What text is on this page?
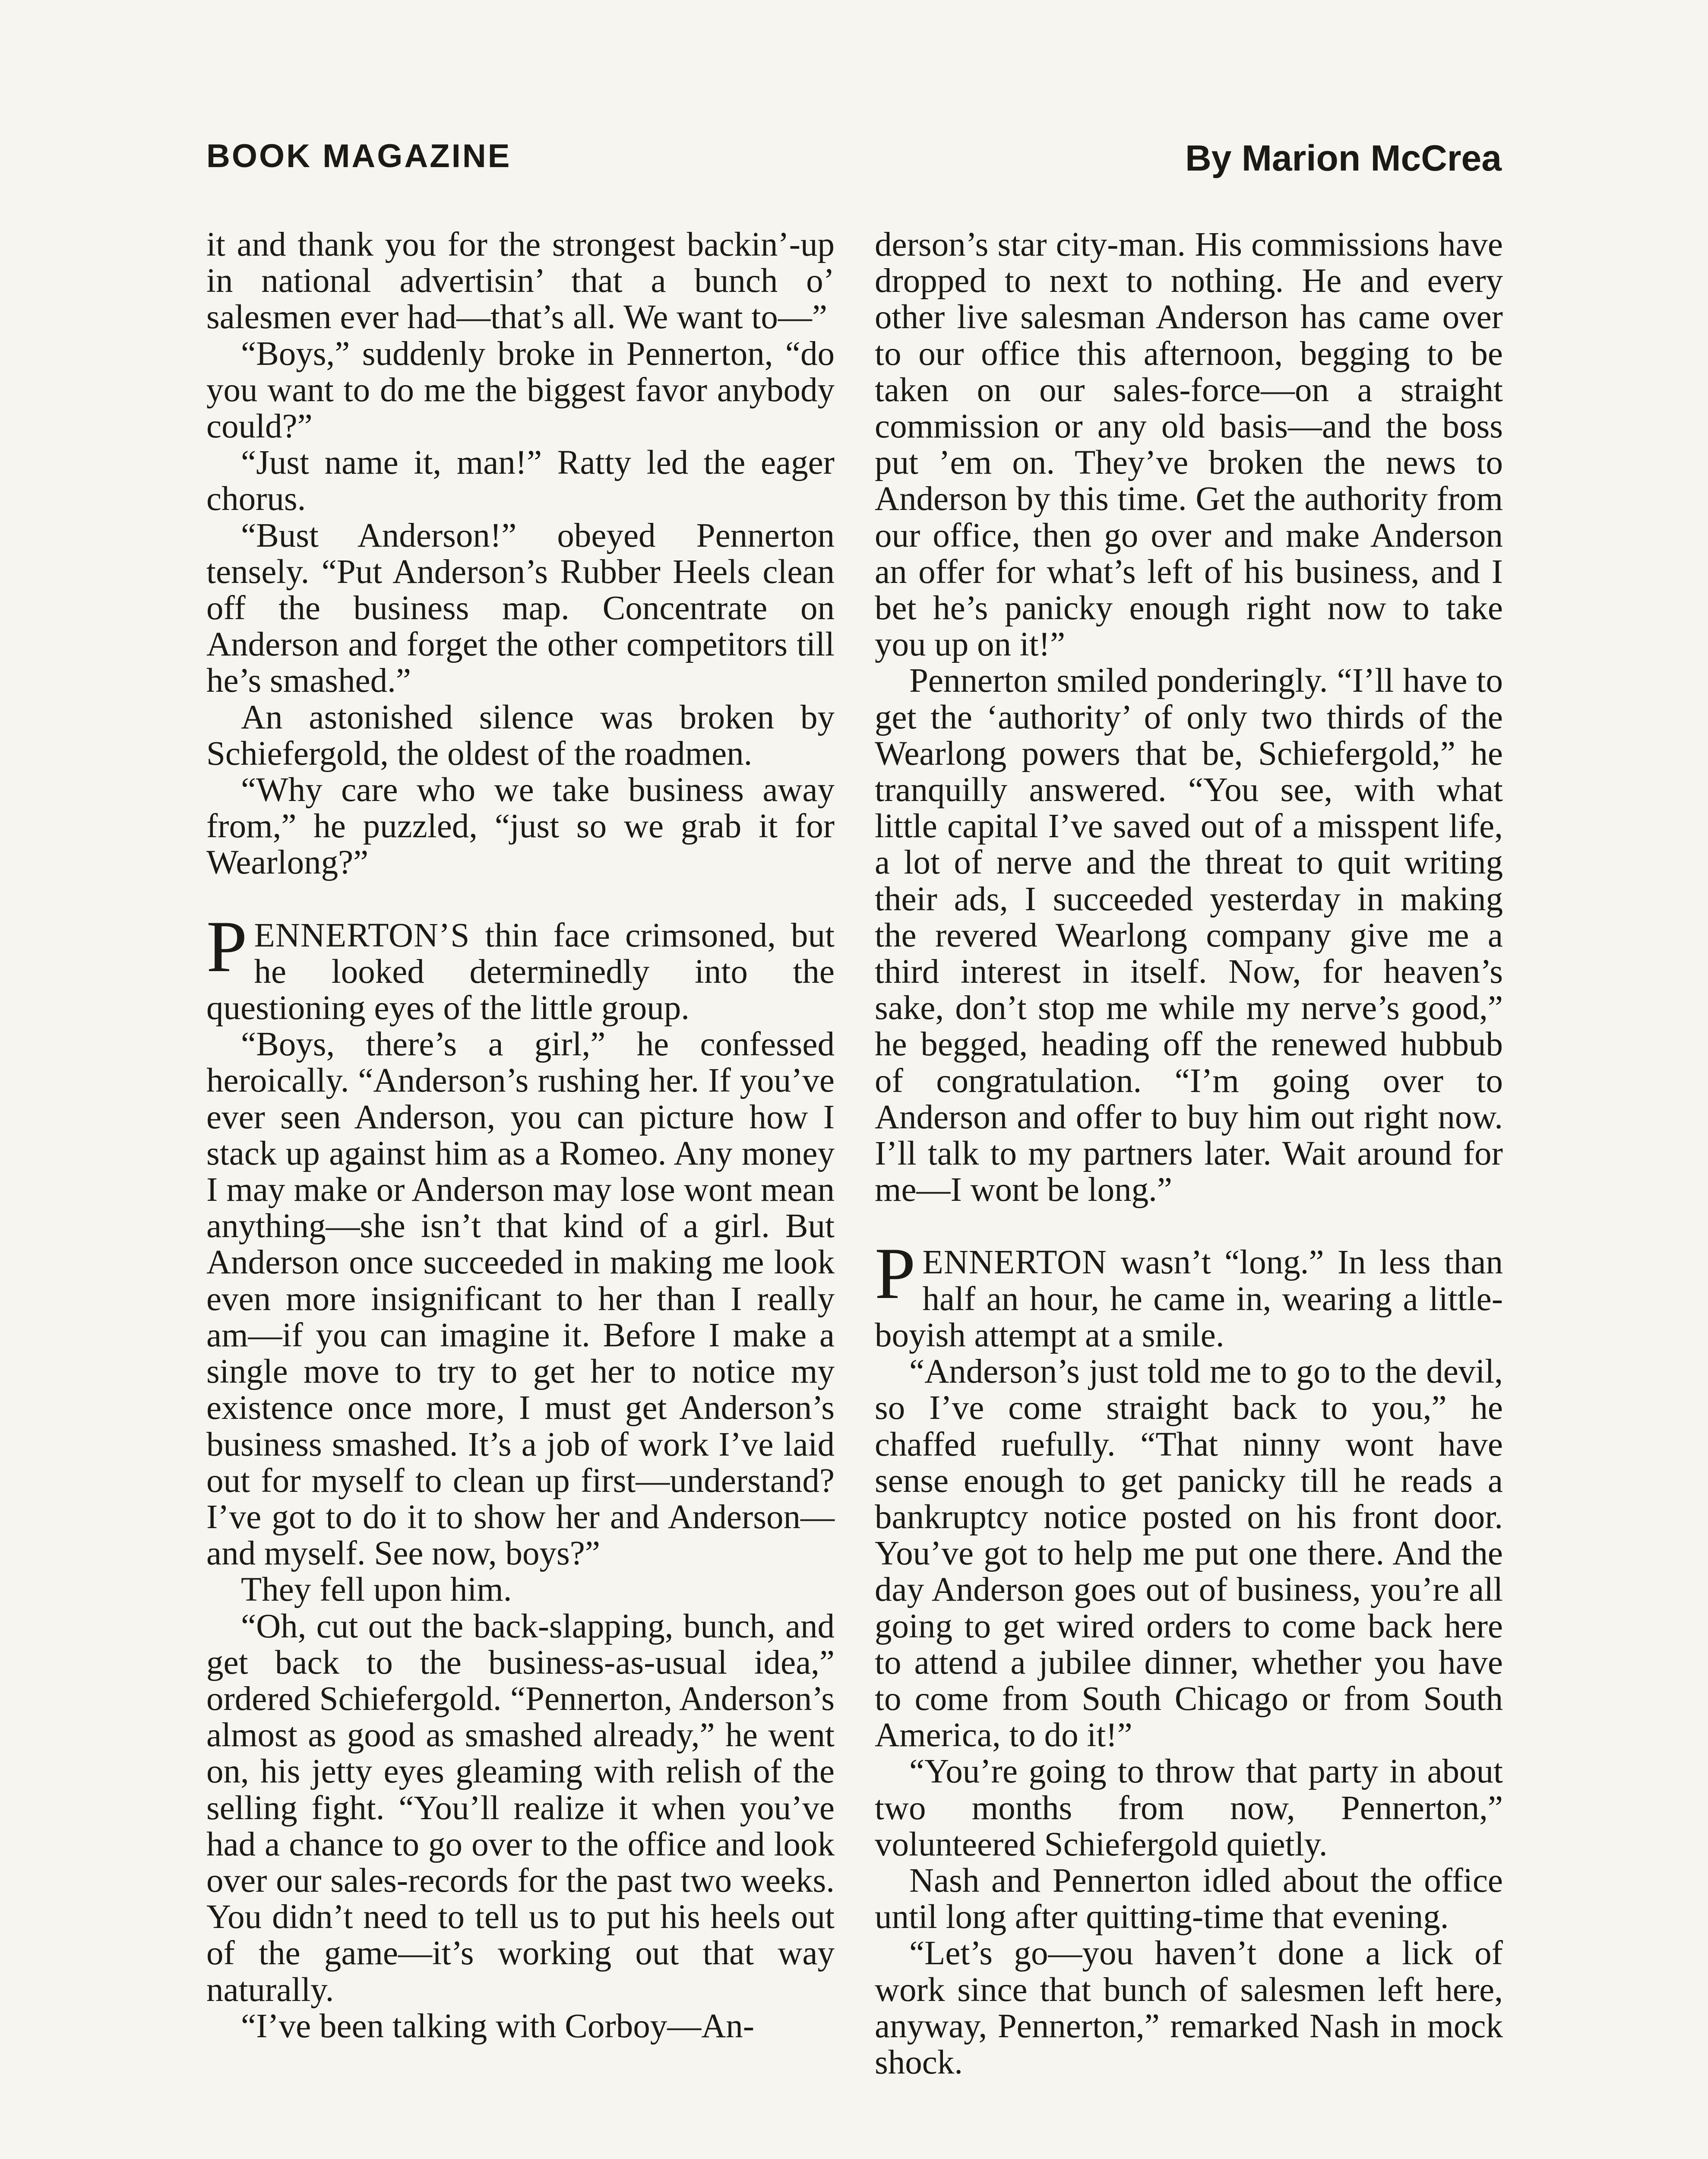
BOOK MAGAZINE	By Marion McCrea

it and thank you for the strongest backin’-up in national advertisin’ that a bunch o’ salesmen ever had—that’s all. We want to—”

“Boys,” suddenly broke in Pennerton, “do you want to do me the biggest favor anybody could?”

“Just name it, man!” Ratty led the eager chorus.

“Bust Anderson!” obeyed Pennerton tensely. “Put Anderson’s Rubber Heels clean off the business map. Concentrate on Anderson and forget the other competitors till he’s smashed.”

An astonished silence was broken by Schiefergold, the oldest of the roadmen.

“Why care who we take business away from,” he puzzled, “just so we grab it for Wearlong?”

PENNERTON’S thin face crimsoned, but he looked determinedly into the questioning eyes of the little group.

“Boys, there’s a girl,” he confessed heroically. “Anderson’s rushing her. If you’ve ever seen Anderson, you can picture how I stack up against him as a Romeo. Any money I may make or Anderson may lose wont mean anything—she isn’t that kind of a girl. But Anderson once succeeded in making me look even more insignificant to her than I really am—if you can imagine it. Before I make a single move to try to get her to notice my existence once more, I must get Anderson’s business smashed. It’s a job of work I’ve laid out for myself to clean up first—understand? I’ve got to do it to show her and Anderson—and myself. See now, boys?”

They fell upon him.

“Oh, cut out the back-slapping, bunch, and get back to the business-as-usual idea,” ordered Schiefergold. “Pennerton, Anderson’s almost as good as smashed already,” he went on, his jetty eyes gleaming with relish of the selling fight. “You’ll realize it when you’ve had a chance to go over to the office and look over our sales-records for the past two weeks. You didn’t need to tell us to put his heels out of the game—it’s working out that way naturally.

“I’ve been talking with Corboy—An-

derson’s star city-man. His commissions have dropped to next to nothing. He and every other live salesman Anderson has came over to our office this afternoon, begging to be taken on our sales-force—on a straight commission or any old basis—and the boss put ’em on. They’ve broken the news to Anderson by this time. Get the authority from our office, then go over and make Anderson an offer for what’s left of his business, and I bet he’s panicky enough right now to take you up on it!”

Pennerton smiled ponderingly. “I’ll have to get the ‘authority’ of only two thirds of the Wearlong powers that be, Schiefergold,” he tranquilly answered. “You see, with what little capital I’ve saved out of a misspent life, a lot of nerve and the threat to quit writing their ads, I succeeded yesterday in making the revered Wearlong company give me a third interest in itself. Now, for heaven’s sake, don’t stop me while my nerve’s good,” he begged, heading off the renewed hubbub of congratulation. “I’m going over to Anderson and offer to buy him out right now. I’ll talk to my partners later. Wait around for me—I wont be long.”

PENNERTON wasn’t “long.” In less than half an hour, he came in, wearing a little-boyish attempt at a smile.

“Anderson’s just told me to go to the devil, so I’ve come straight back to you,” he chaffed ruefully. “That ninny wont have sense enough to get panicky till he reads a bankruptcy notice posted on his front door. You’ve got to help me put one there. And the day Anderson goes out of business, you’re all going to get wired orders to come back here to attend a jubilee dinner, whether you have to come from South Chicago or from South America, to do it!”

“You’re going to throw that party in about two months from now, Pennerton,” volunteered Schiefergold quietly.

Nash and Pennerton idled about the office until long after quitting-time that evening.

“Let’s go—you haven’t done a lick of work since that bunch of salesmen left here, anyway, Pennerton,” remarked Nash in mock shock.
